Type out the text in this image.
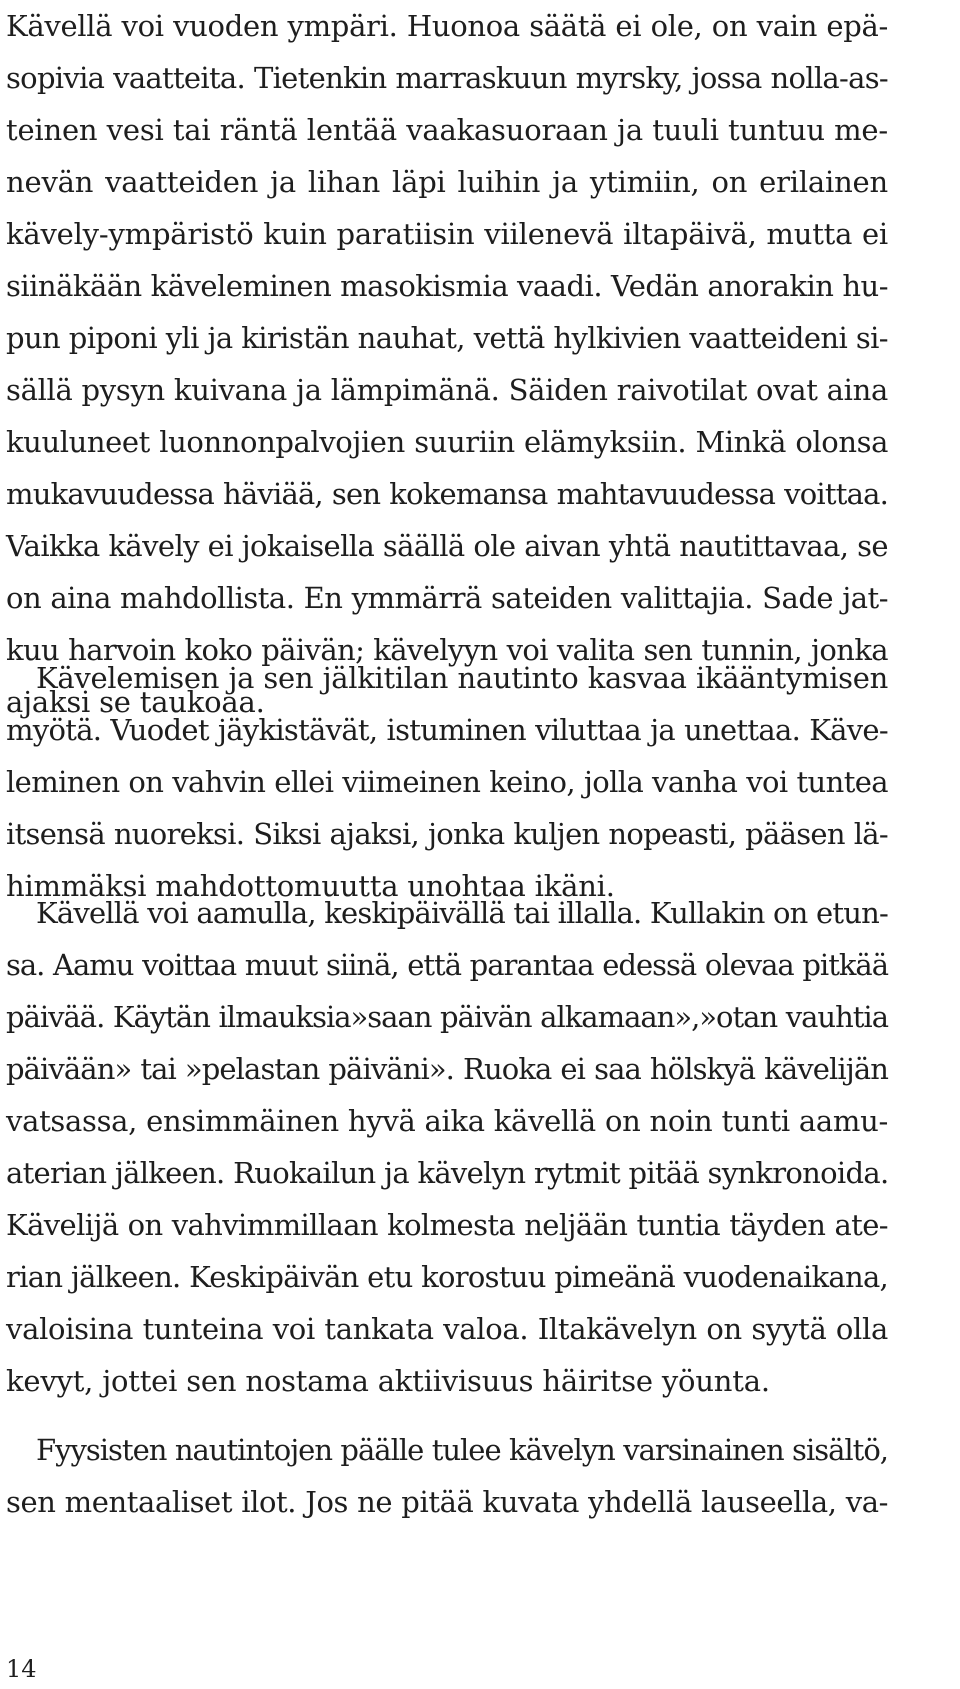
Kävellä voi vuoden ympäri. Huonoa säätä ei ole, on vain epä-
sopivia vaatteita. Tietenkin marraskuun myrsky, jossa nolla-as-
teinen vesi tai räntä lentää vaakasuoraan ja tuuli tuntuu me-
nevän vaatteiden ja lihan läpi luihin ja ytimiin, on erilainen
kävely-ympäristö kuin paratiisin viilenevä iltapäivä, mutta ei
siinäkään käveleminen masokismia vaadi. Vedän anorakin hu-
pun piponi yli ja kiristän nauhat, vettä hylkivien vaatteideni si-
sällä pysyn kuivana ja lämpimänä. Säiden raivotilat ovat aina
kuuluneet luonnonpalvojien suuriin elämyksiin. Minkä olonsa
mukavuudessa häviää, sen kokemansa mahtavuudessa voittaa.
Vaikka kävely ei jokaisella säällä ole aivan yhtä nautittavaa, se
on aina mahdollista. En ymmärrä sateiden valittajia. Sade jat-
kuu harvoin koko päivän; kävelyyn voi valita sen tunnin, jonka
ajaksi se taukoaa.
Kävelemisen ja sen jälkitilan nautinto kasvaa ikääntymisen
myötä. Vuodet jäykistävät, istuminen viluttaa ja unettaa. Käve-
leminen on vahvin ellei viimeinen keino, jolla vanha voi tuntea
itsensä nuoreksi. Siksi ajaksi, jonka kuljen nopeasti, pääsen lä-
himmäksi mahdottomuutta unohtaa ikäni.
Kävellä voi aamulla, keskipäivällä tai illalla. Kullakin on etun-
sa. Aamu voittaa muut siinä, että parantaa edessä olevaa pitkää
päivää. Käytän ilmauksia»saan päivän alkamaan»,»otan vauhtia
päivään» tai »pelastan päiväni». Ruoka ei saa hölskyä kävelijän
vatsassa, ensimmäinen hyvä aika kävellä on noin tunti aamu-
aterian jälkeen. Ruokailun ja kävelyn rytmit pitää synkronoida.
Kävelijä on vahvimmillaan kolmesta neljään tuntia täyden ate-
rian jälkeen. Keskipäivän etu korostuu pimeänä vuodenaikana,
valoisina tunteina voi tankata valoa. Iltakävelyn on syytä olla
kevyt, jottei sen nostama aktiivisuus häiritse yöunta.
Fyysisten nautintojen päälle tulee kävelyn varsinainen sisältö,
sen mentaaliset ilot. Jos ne pitää kuvata yhdellä lauseella, va-
14
